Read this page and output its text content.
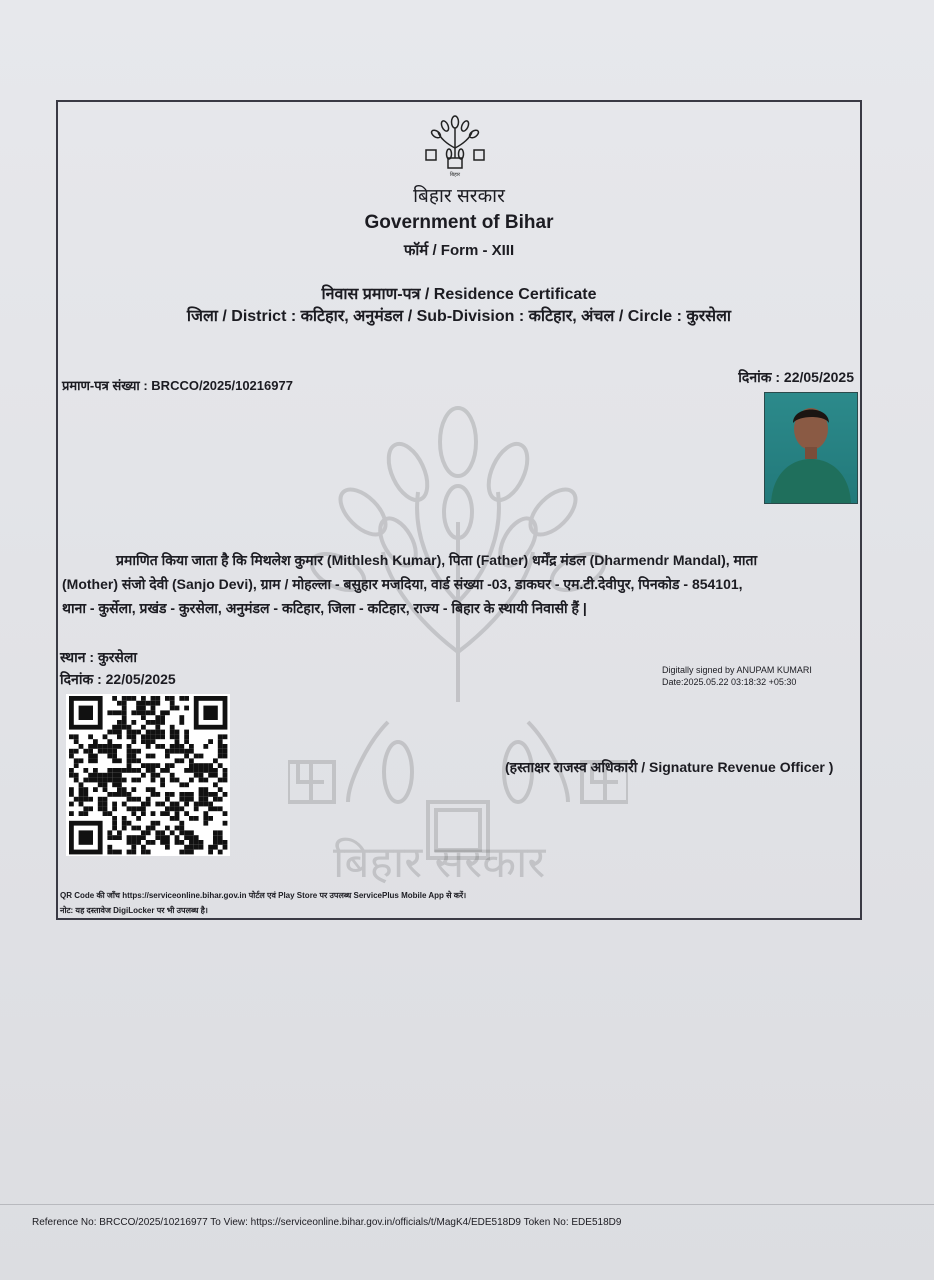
बिहार सरकार
बिहार
बिहार सरकार
Government of Bihar
फॉर्म / Form - XIII
निवास प्रमाण-पत्र / Residence Certificate
जिला / District : कटिहार, अनुमंडल / Sub-Division : कटिहार, अंचल / Circle : कुरसेला
प्रमाण-पत्र संख्या : BRCCO/2025/10216977
दिनांक : 22/05/2025
प्रमाणित किया जाता है कि मिथलेश कुमार (Mithlesh Kumar), पिता (Father) धर्मेंद्र मंडल (Dharmendr Mandal), माता
(Mother) संजो देवी (Sanjo Devi), ग्राम / मोहल्ला - बसुहार मजदिया, वार्ड संख्या -03, डाकघर - एम.टी.देवीपुर, पिनकोड - 854101,
थाना - कुर्सेला, प्रखंड - कुरसेला, अनुमंडल - कटिहार, जिला - कटिहार, राज्य - बिहार के स्थायी निवासी हैं |
स्थान : कुरसेला
दिनांक : 22/05/2025
Digitally signed by ANUPAM KUMARI
Date:2025.05.22 03:18:32 +05:30
(हस्ताक्षर राजस्व अधिकारी / Signature Revenue Officer )
QR Code की जाँच https://serviceonline.bihar.gov.in पोर्टल एवं Play Store पर उपलब्ध ServicePlus Mobile App से करें।
नोट: यह दस्तावेज DigiLocker पर भी उपलब्ध है।
Reference No: BRCCO/2025/10216977 To View: https://serviceonline.bihar.gov.in/officials/t/MagK4/EDE518D9 Token No: EDE518D9
